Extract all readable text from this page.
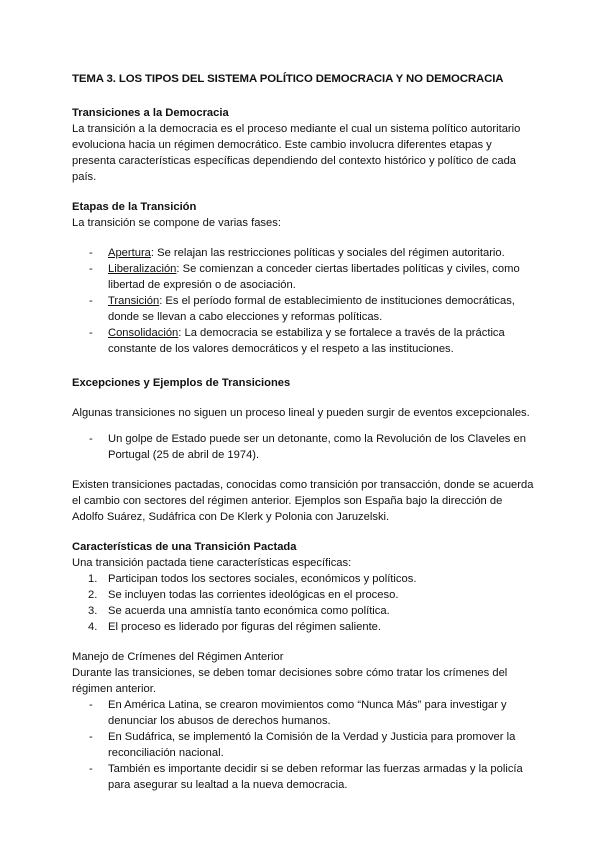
TEMA 3. LOS TIPOS DEL SISTEMA POLÍTICO DEMOCRACIA Y NO DEMOCRACIA

Transiciones a la Democracia

La transición a la democracia es el proceso mediante el cual un sistema político autoritario evoluciona hacia un régimen democrático. Este cambio involucra diferentes etapas y presenta características específicas dependiendo del contexto histórico y político de cada país.

Etapas de la Transición

La transición se compone de varias fases:

- Apertura: Se relajan las restricciones políticas y sociales del régimen autoritario.
- Liberalización: Se comienzan a conceder ciertas libertades políticas y civiles, como libertad de expresión o de asociación.
- Transición: Es el período formal de establecimiento de instituciones democráticas, donde se llevan a cabo elecciones y reformas políticas.
- Consolidación: La democracia se estabiliza y se fortalece a través de la práctica constante de los valores democráticos y el respeto a las instituciones.

Excepciones y Ejemplos de Transiciones

Algunas transiciones no siguen un proceso lineal y pueden surgir de eventos excepcionales.

- Un golpe de Estado puede ser un detonante, como la Revolución de los Claveles en Portugal (25 de abril de 1974).

Existen transiciones pactadas, conocidas como transición por transacción, donde se acuerda el cambio con sectores del régimen anterior. Ejemplos son España bajo la dirección de Adolfo Suárez, Sudáfrica con De Klerk y Polonia con Jaruzelski.

Características de una Transición Pactada

Una transición pactada tiene características específicas:

1. Participan todos los sectores sociales, económicos y políticos.
2. Se incluyen todas las corrientes ideológicas en el proceso.
3. Se acuerda una amnistía tanto económica como política.
4. El proceso es liderado por figuras del régimen saliente.

Manejo de Crímenes del Régimen Anterior

Durante las transiciones, se deben tomar decisiones sobre cómo tratar los crímenes del régimen anterior.

- En América Latina, se crearon movimientos como “Nunca Más” para investigar y denunciar los abusos de derechos humanos.
- En Sudáfrica, se implementó la Comisión de la Verdad y Justicia para promover la reconciliación nacional.
- También es importante decidir si se deben reformar las fuerzas armadas y la policía para asegurar su lealtad a la nueva democracia.
